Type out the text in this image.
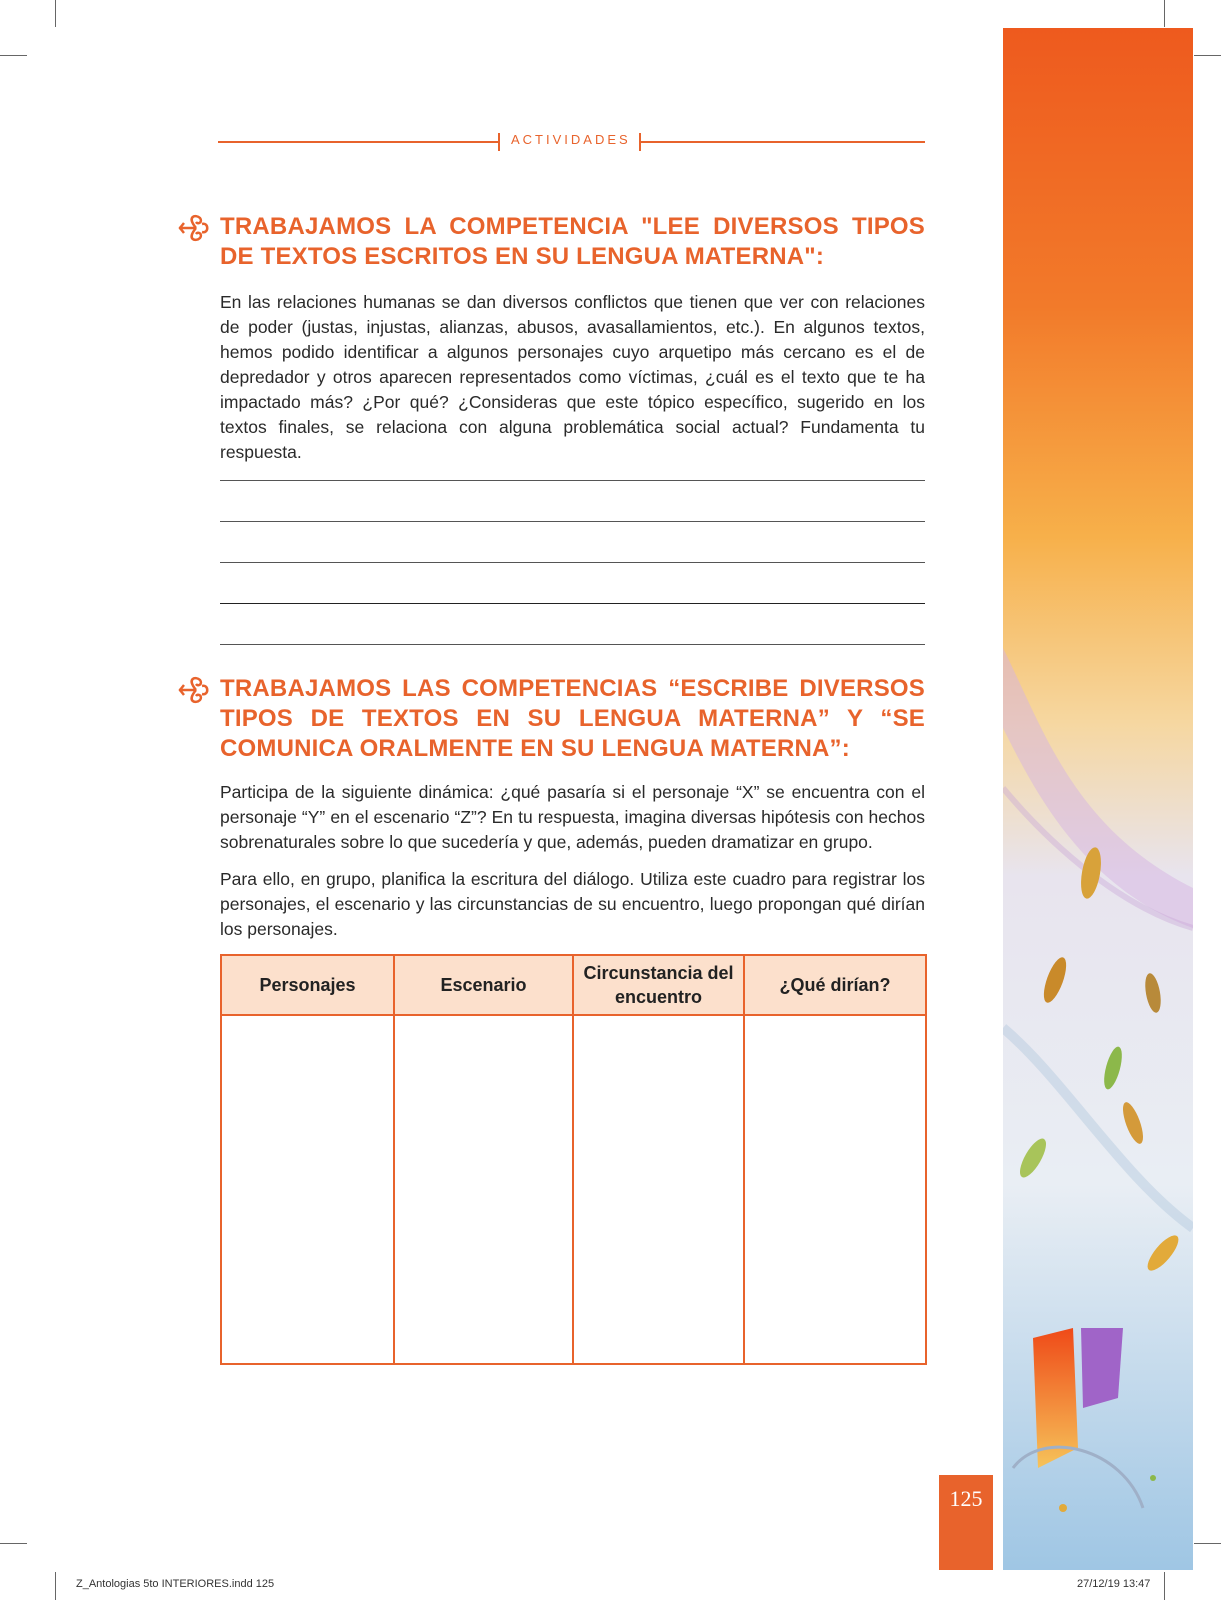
ACTIVIDADES
TRABAJAMOS LA COMPETENCIA "LEE DIVERSOS TIPOS DE TEXTOS ESCRITOS EN SU LENGUA MATERNA":

En las relaciones humanas se dan diversos conflictos que tienen que ver con relaciones de poder (justas, injustas, alianzas, abusos, avasallamientos, etc.). En algunos textos, hemos podido identificar a algunos personajes cuyo arquetipo más cercano es el de depredador y otros aparecen representados como víctimas, ¿cuál es el texto que te ha impactado más? ¿Por qué? ¿Consideras que este tópico específico, sugerido en los textos finales, se relaciona con alguna problemática social actual? Fundamenta tu respuesta.

TRABAJAMOS LAS COMPETENCIAS “ESCRIBE DIVERSOS TIPOS DE TEXTOS EN SU LENGUA MATERNA” Y “SE COMUNICA ORALMENTE EN SU LENGUA MATERNA”:

Participa de la siguiente dinámica: ¿qué pasaría si el personaje “X” se encuentra con el personaje “Y” en el escenario “Z”? En tu respuesta, imagina diversas hipótesis con hechos sobrenaturales sobre lo que sucedería y que, además, pueden dramatizar en grupo.

Para ello, en grupo, planifica la escritura del diálogo. Utiliza este cuadro para registrar los personajes, el escenario y las circunstancias de su encuentro, luego propongan qué dirían los personajes.

Personajes	Escenario	Circunstancia del encuentro	¿Qué dirían?

125
Z_Antologias 5to INTERIORES.indd 125	27/12/19 13:47
